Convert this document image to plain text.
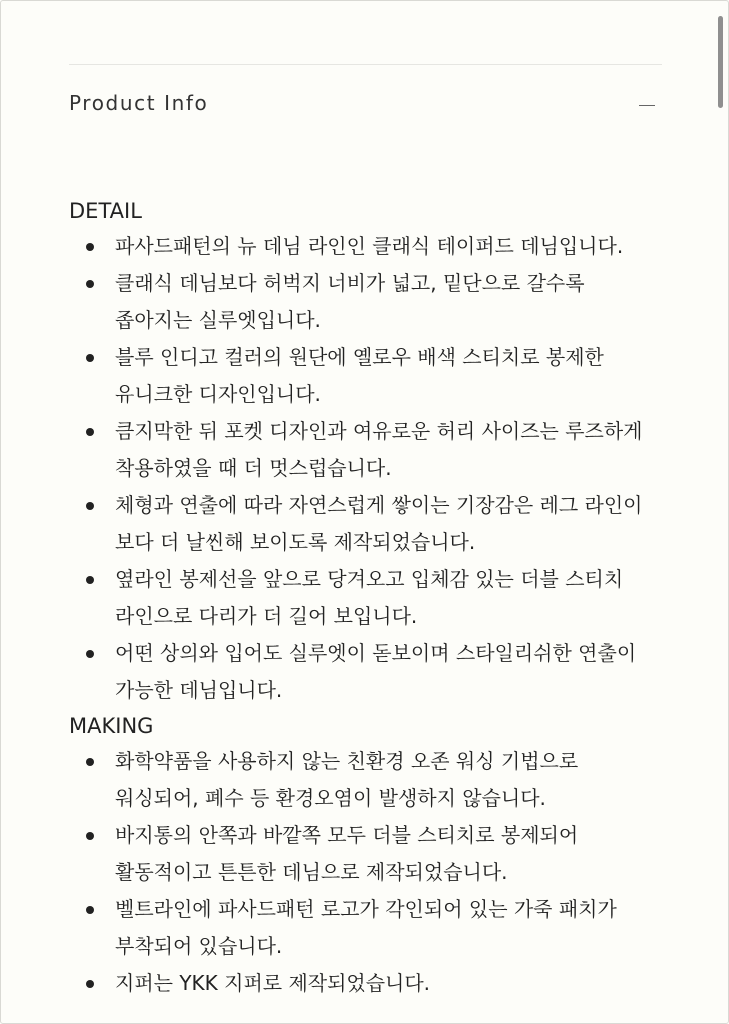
Product Info
DETAIL
파사드패턴의 뉴 데님 라인인 클래식 테이퍼드 데님입니다.
클래식 데님보다 허벅지 너비가 넓고, 밑단으로 갈수록 좁아지는 실루엣입니다.
블루 인디고 컬러의 원단에 옐로우 배색 스티치로 봉제한 유니크한 디자인입니다.
큼지막한 뒤 포켓 디자인과 여유로운 허리 사이즈는 루즈하게 착용하였을 때 더 멋스럽습니다.
체형과 연출에 따라 자연스럽게 쌓이는 기장감은 레그 라인이 보다 더 날씬해 보이도록 제작되었습니다.
옆라인 봉제선을 앞으로 당겨오고 입체감 있는 더블 스티치 라인으로 다리가 더 길어 보입니다.
어떤 상의와 입어도 실루엣이 돋보이며 스타일리쉬한 연출이 가능한 데님입니다.
MAKING
화학약품을 사용하지 않는 친환경 오존 워싱 기법으로 워싱되어, 폐수 등 환경오염이 발생하지 않습니다.
바지통의 안쪽과 바깥쪽 모두 더블 스티치로 봉제되어 활동적이고 튼튼한 데님으로 제작되었습니다.
벨트라인에 파사드패턴 로고가 각인되어 있는 가죽 패치가 부착되어 있습니다.
지퍼는 YKK 지퍼로 제작되었습니다.
